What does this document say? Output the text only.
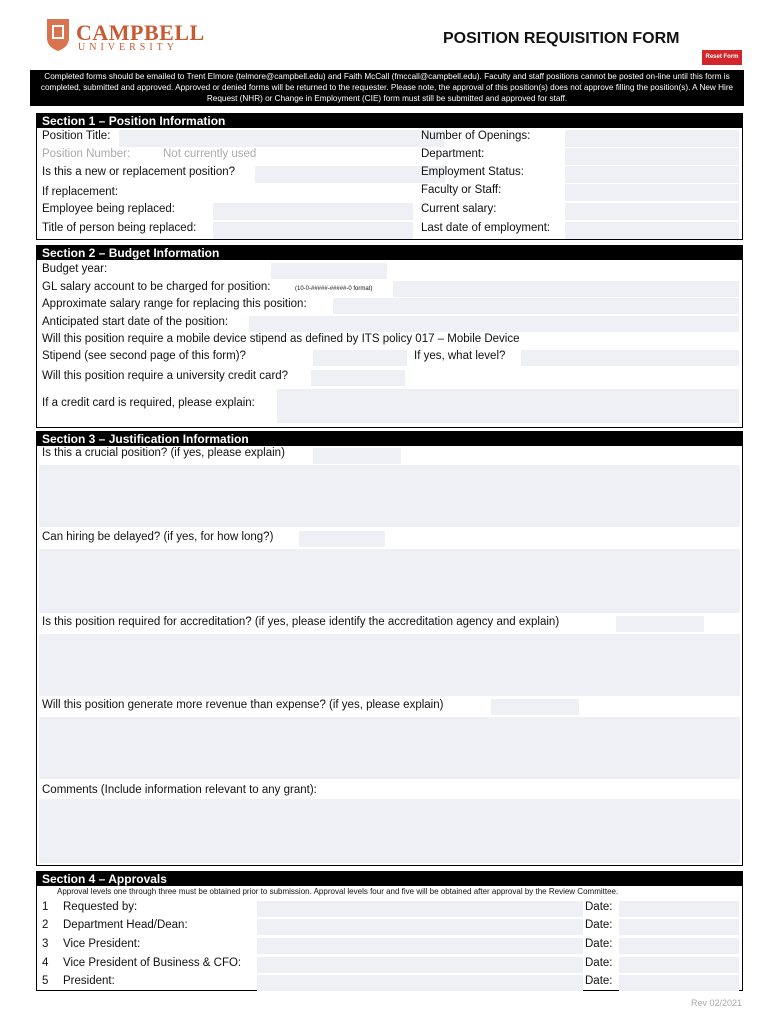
CAMPBELL
UNIVERSITY
POSITION REQUISITION FORM
Reset Form
Completed forms should be emailed to Trent Elmore (telmore@campbell.edu) and Faith McCall (fmccall@campbell.edu). Faculty and staff positions cannot be posted on-line until this form is completed, submitted and approved. Approved or denied forms will be returned to the requester. Please note, the approval of this position(s) does not approve filling the position(s). A New Hire Request (NHR) or Change in Employment (CIE) form must still be submitted and approved for staff.
Section 1 – Position Information
Position Title:
Position Number:	Not currently used
Is this a new or replacement position?
If replacement:
Employee being replaced:
Title of person being replaced:
Number of Openings:
Department:
Employment Status:
Faculty or Staff:
Current salary:
Last date of employment:
Section 2 – Budget Information
Budget year:
GL salary account to be charged for position:	(10-0-#####-#####-0 format)
Approximate salary range for replacing this position:
Anticipated start date of the position:
Will this position require a mobile device stipend as defined by ITS policy 017 – Mobile Device
Stipend (see second page of this form)?	If yes, what level?
Will this position require a university credit card?
If a credit card is required, please explain:
Section 3 – Justification Information
Is this a crucial position? (if yes, please explain)
Can hiring be delayed? (if yes, for how long?)
Is this position required for accreditation? (if yes, please identify the accreditation agency and explain)
Will this position generate more revenue than expense? (if yes, please explain)
Comments (Include information relevant to any grant):
Section 4 – Approvals
Approval levels one through three must be obtained prior to submission. Approval levels four and five will be obtained after approval by the Review Committee.
1 Requested by:	Date:
2 Department Head/Dean:	Date:
3 Vice President:	Date:
4 Vice President of Business & CFO:	Date:
5 President:	Date:
Rev 02/2021
